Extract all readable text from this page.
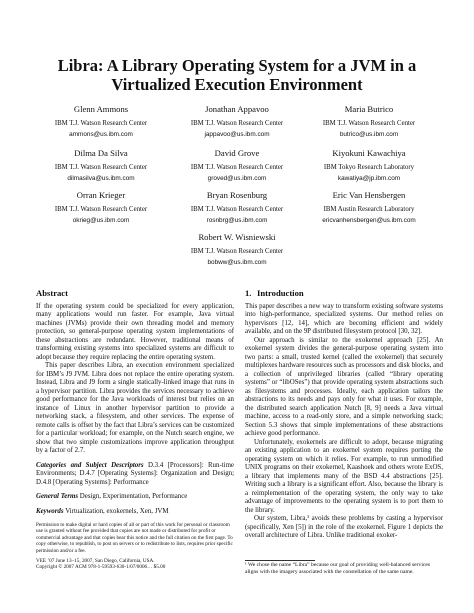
Libra: A Library Operating System for a JVM in a
Virtualized Execution Environment
Glenn Ammons
IBM T.J. Watson Research Center
ammons@us.ibm.com
Jonathan Appavoo
IBM T.J. Watson Research Center
jappavoo@us.ibm.com
Maria Butrico
IBM T.J. Watson Research Center
butrico@us.ibm.com
Dilma Da Silva
IBM T.J. Watson Research Center
dilmasilva@us.ibm.com
David Grove
IBM T.J. Watson Research Center
groved@us.ibm.com
Kiyokuni Kawachiya
IBM Tokyo Research Laboratory
kawatiya@jp.ibm.com
Orran Krieger
IBM T.J. Watson Research Center
okrieg@us.ibm.com
Bryan Rosenburg
IBM T.J. Watson Research Center
rosnbrg@us.ibm.com
Eric Van Hensbergen
IBM Austin Research Laboratory
ericvanhensbergen@us.ibm.com
Robert W. Wisniewski
IBM T.J. Watson Research Center
bobww@us.ibm.com
Abstract

If the operating system could be specialized for every application, many applications would run faster. For example, Java virtual machines (JVMs) provide their own threading model and memory protection, so general-purpose operating system implementations of these abstractions are redundant. However, traditional means of transforming existing systems into specialized systems are difficult to adopt because they require replacing the entire operating system.

This paper describes Libra, an execution environment specialized for IBM’s J9 JVM. Libra does not replace the entire operating system. Instead, Libra and J9 form a single statically-linked image that runs in a hypervisor partition. Libra provides the services necessary to achieve good performance for the Java workloads of interest but relies on an instance of Linux in another hypervisor partition to provide a networking stack, a filesystem, and other services. The expense of remote calls is offset by the fact that Libra’s services can be customized for a particular workload; for example, on the Nutch search engine, we show that two simple customizations improve application throughput by a factor of 2.7.

Categories and Subject Descriptors D.3.4 [Processors]: Run-time Environments; D.4.7 [Operating Systems]: Organization and Design; D.4.8 [Operating Systems]: Performance

General Terms Design, Experimentation, Performance

Keywords Virtualization, exokernels, Xen, JVM

Permission to make digital or hard copies of all or part of this work for personal or classroom use is granted without fee provided that copies are not made or distributed for profit or commercial advantage and that copies bear this notice and the full citation on the first page. To copy otherwise, to republish, to post on servers or to redistribute to lists, requires prior specific permission and/or a fee.
VEE ’07 June 13–15, 2007, San Diego, California, USA.
Copyright © 2007 ACM 978-1-59593-630-1/07/0006… $5.00
1. Introduction

This paper describes a new way to transform existing software systems into high-performance, specialized systems. Our method relies on hypervisors [12, 14], which are becoming efficient and widely available, and on the 9P distributed filesystem protocol [30, 32].

Our approach is similar to the exokernel approach [25]. An exokernel system divides the general-purpose operating system into two parts: a small, trusted kernel (called the exokernel) that securely multiplexes hardware resources such as processors and disk blocks, and a collection of unprivileged libraries (called “library operating systems” or “libOSes”) that provide operating system abstractions such as filesystems and processes. Ideally, each application tailors the abstractions to its needs and pays only for what it uses. For example, the distributed search application Nutch [8, 9] needs a Java virtual machine, access to a read-only store, and a simple networking stack; Section 5.3 shows that simple implementations of these abstractions achieve good performance.

Unfortunately, exokernels are difficult to adopt, because migrating an existing application to an exokernel system requires porting the operating system on which it relies. For example, to run unmodified UNIX programs on their exokernel, Kaashoek and others wrote ExOS, a library that implements many of the BSD 4.4 abstractions [25]. Writing such a library is a significant effort. Also, because the library is a reimplementation of the operating system, the only way to take advantage of improvements to the operating system is to port them to the library.

Our system, Libra,¹ avoids these problems by casting a hypervisor (specifically, Xen [5]) in the role of the exokernel. Figure 1 depicts the overall architecture of Libra. Unlike traditional exoker-

¹ We chose the name “Libra” because our goal of providing well-balanced services aligns with the imagery associated with the constellation of the same name.
